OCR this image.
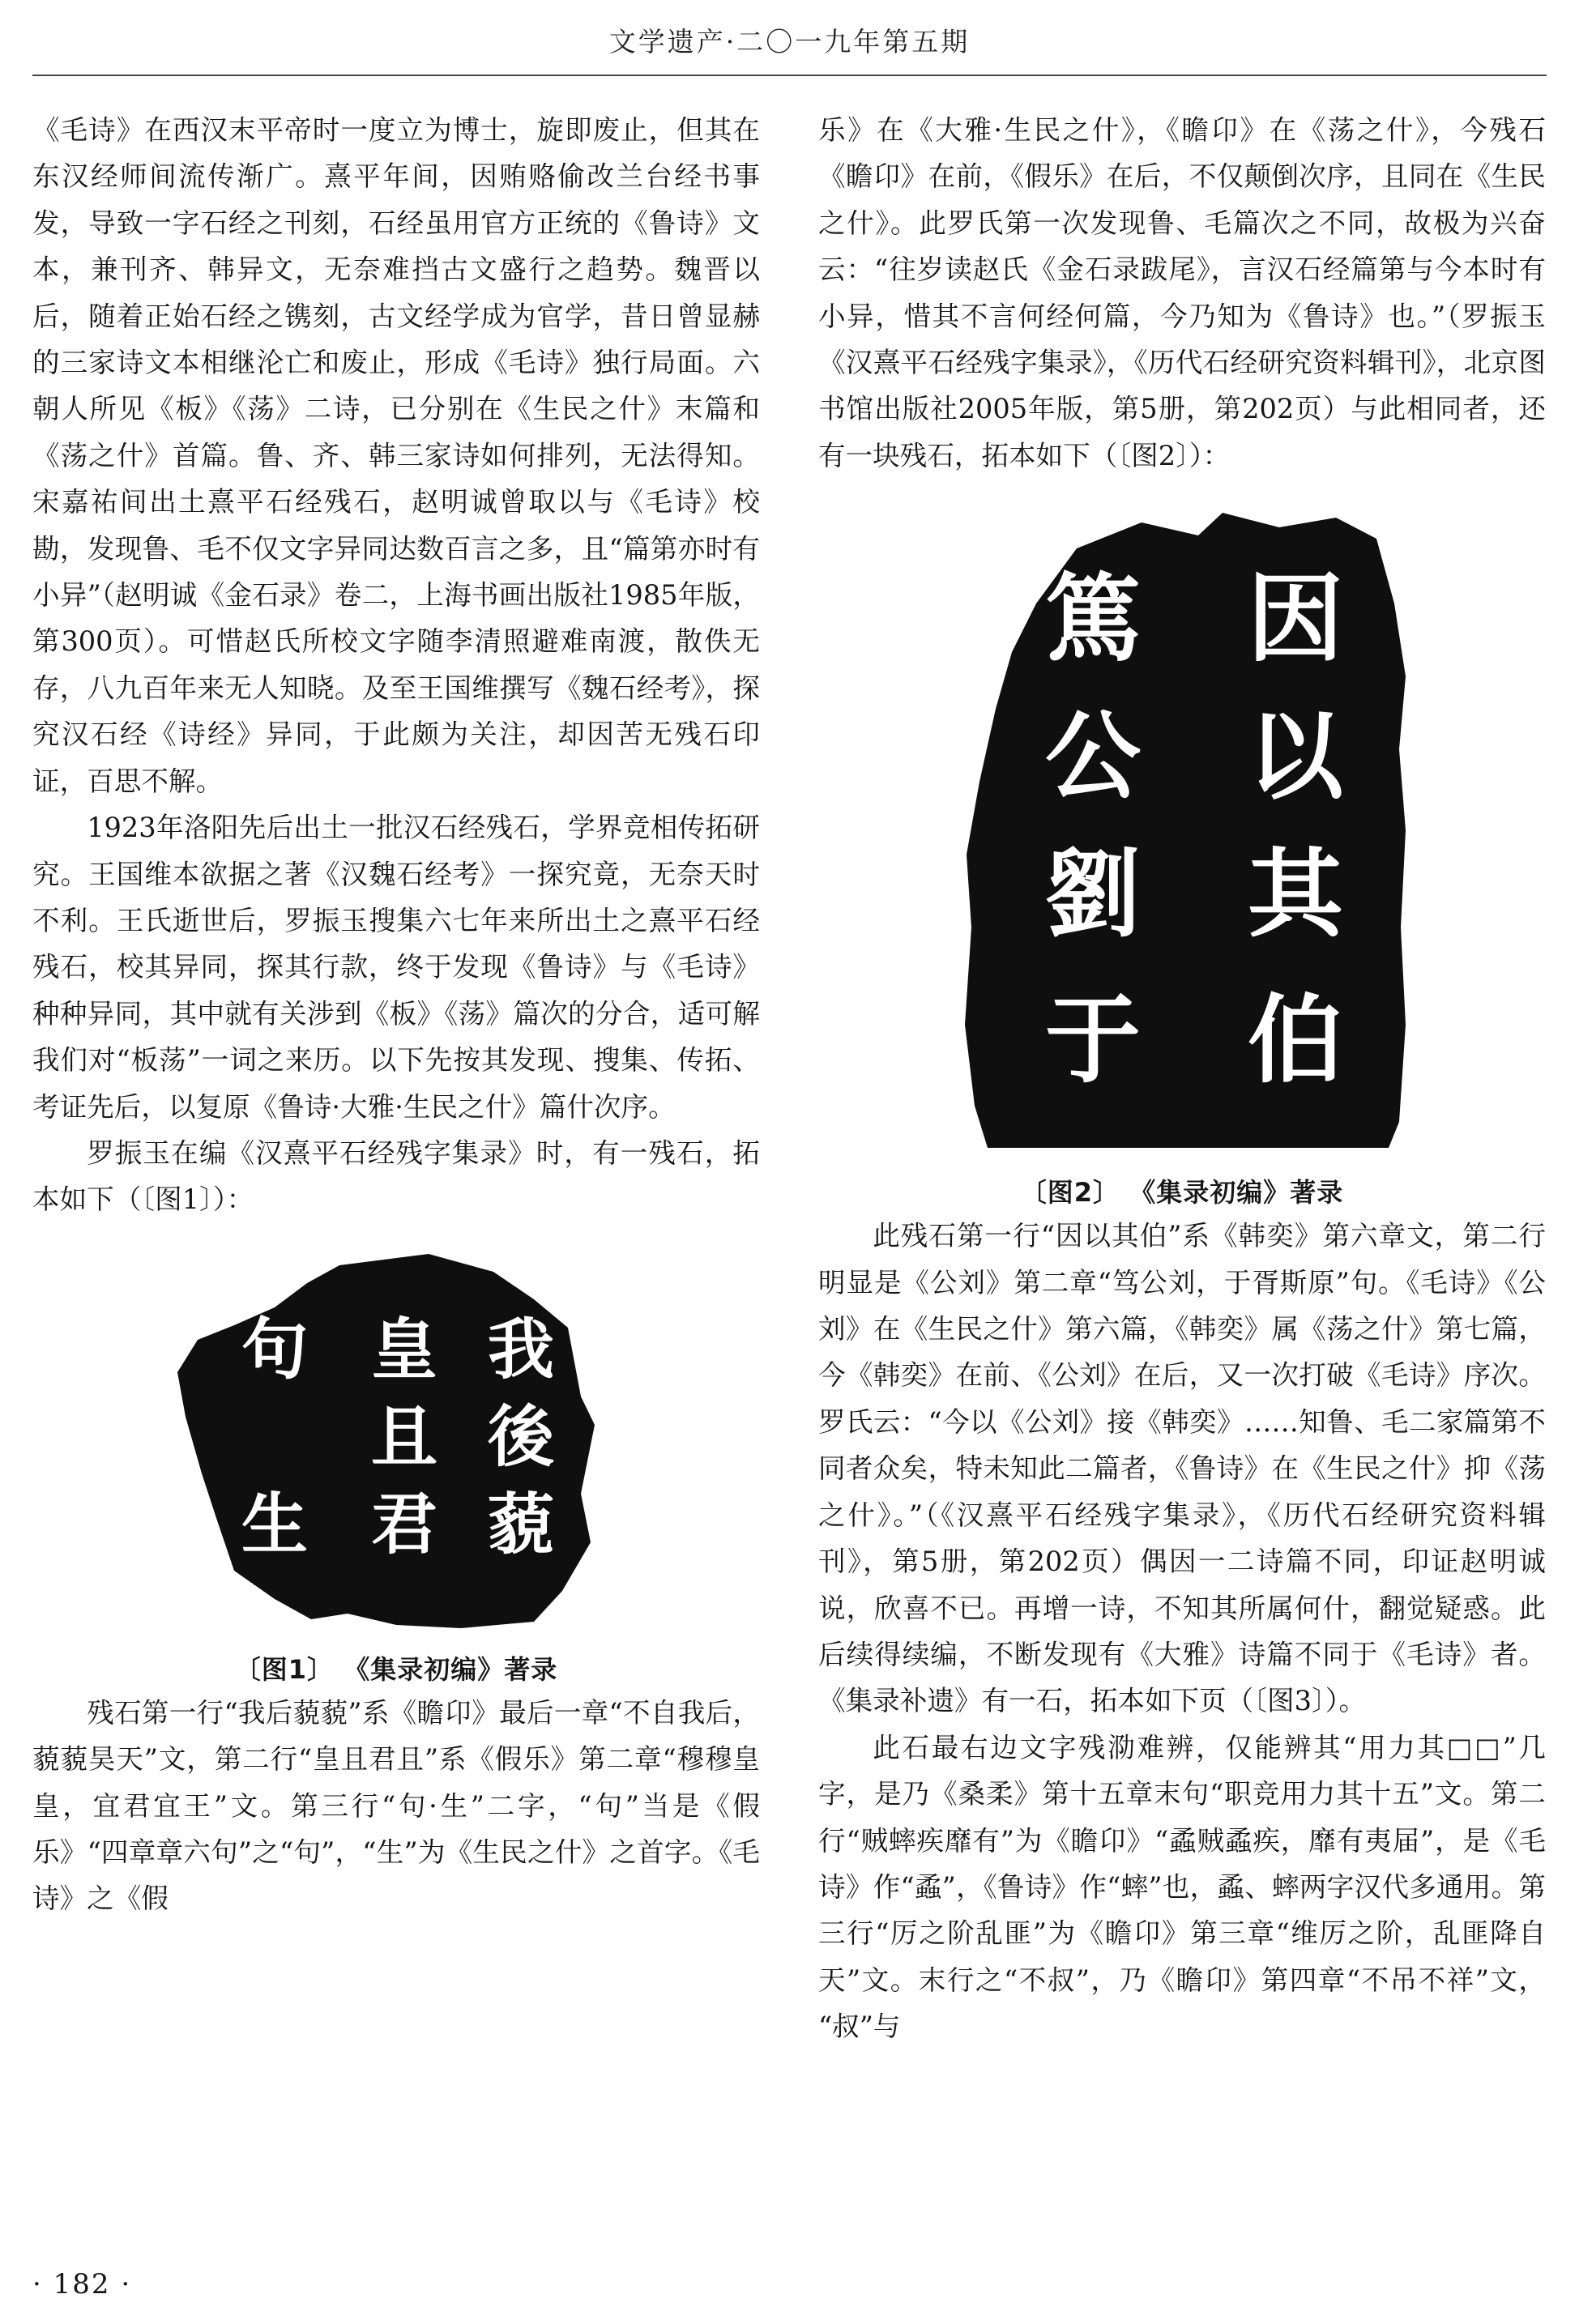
文学遗产·二〇一九年第五期

《毛诗》在西汉末平帝时一度立为博士，旋即废止，但其在东汉经师间流传渐广。熹平年间，因贿赂偷改兰台经书事发，导致一字石经之刊刻，石经虽用官方正统的《鲁诗》文本，兼刊齐、韩异文，无奈难挡古文盛行之趋势。魏晋以后，随着正始石经之镌刻，古文经学成为官学，昔日曾显赫的三家诗文本相继沦亡和废止，形成《毛诗》独行局面。六朝人所见《板》《荡》二诗，已分别在《生民之什》末篇和《荡之什》首篇。鲁、齐、韩三家诗如何排列，无法得知。宋嘉祐间出土熹平石经残石，赵明诚曾取以与《毛诗》校勘，发现鲁、毛不仅文字异同达数百言之多，且“篇第亦时有小异”（赵明诚《金石录》卷二，上海书画出版社1985年版，第300页）。可惜赵氏所校文字随李清照避难南渡，散佚无存，八九百年来无人知晓。及至王国维撰写《魏石经考》，探究汉石经《诗经》异同，于此颇为关注，却因苦无残石印证，百思不解。

1923年洛阳先后出土一批汉石经残石，学界竞相传拓研究。王国维本欲据之著《汉魏石经考》一探究竟，无奈天时不利。王氏逝世后，罗振玉搜集六七年来所出土之熹平石经残石，校其异同，探其行款，终于发现《鲁诗》与《毛诗》种种异同，其中就有关涉到《板》《荡》篇次的分合，适可解我们对“板荡”一词之来历。以下先按其发现、搜集、传拓、考证先后，以复原《鲁诗·大雅·生民之什》篇什次序。

罗振玉在编《汉熹平石经残字集录》时，有一残石，拓本如下（〔图1〕）：

我
後
藐
皇
且
君
句
生
〔图1〕 《集录初编》著录

残石第一行“我后藐藐”系《瞻卬》最后一章“不自我后，藐藐昊天”文，第二行“皇且君且”系《假乐》第二章“穆穆皇皇，宜君宜王”文。第三行“句·生”二字，“句”当是《假乐》“四章章六句”之“句”，“生”为《生民之什》之首字。《毛诗》之《假

乐》在《大雅·生民之什》，《瞻卬》在《荡之什》，今残石《瞻卬》在前，《假乐》在后，不仅颠倒次序，且同在《生民之什》。此罗氏第一次发现鲁、毛篇次之不同，故极为兴奋云：“往岁读赵氏《金石录跋尾》，言汉石经篇第与今本时有小异，惜其不言何经何篇，今乃知为《鲁诗》也。”（罗振玉《汉熹平石经残字集录》，《历代石经研究资料辑刊》，北京图书馆出版社2005年版，第5册，第202页）与此相同者，还有一块残石，拓本如下（〔图2〕）：

因
以
其
伯
篤
公
劉
于
〔图2〕 《集录初编》著录

此残石第一行“因以其伯”系《韩奕》第六章文，第二行明显是《公刘》第二章“笃公刘，于胥斯原”句。《毛诗》《公刘》在《生民之什》第六篇，《韩奕》属《荡之什》第七篇，今《韩奕》在前、《公刘》在后，又一次打破《毛诗》序次。罗氏云：“今以《公刘》接《韩奕》……知鲁、毛二家篇第不同者众矣，特未知此二篇者，《鲁诗》在《生民之什》抑《荡之什》。”（《汉熹平石经残字集录》，《历代石经研究资料辑刊》，第5册，第202页）偶因一二诗篇不同，印证赵明诚说，欣喜不已。再增一诗，不知其所属何什，翻觉疑惑。此后续得续编，不断发现有《大雅》诗篇不同于《毛诗》者。《集录补遗》有一石，拓本如下页（〔图3〕）。

此石最右边文字残泐难辨，仅能辨其“用力其□□”几字，是乃《桑柔》第十五章末句“职竞用力其十五”文。第二行“贼蟀疾靡有”为《瞻卬》“蟊贼蟊疾，靡有夷届”，是《毛诗》作“蟊”，《鲁诗》作“蟀”也，蟊、蟀两字汉代多通用。第三行“厉之阶乱匪”为《瞻卬》第三章“维厉之阶，乱匪降自天”文。末行之“不叔”，乃《瞻卬》第四章“不吊不祥”文， “叔”与

· 182 ·
